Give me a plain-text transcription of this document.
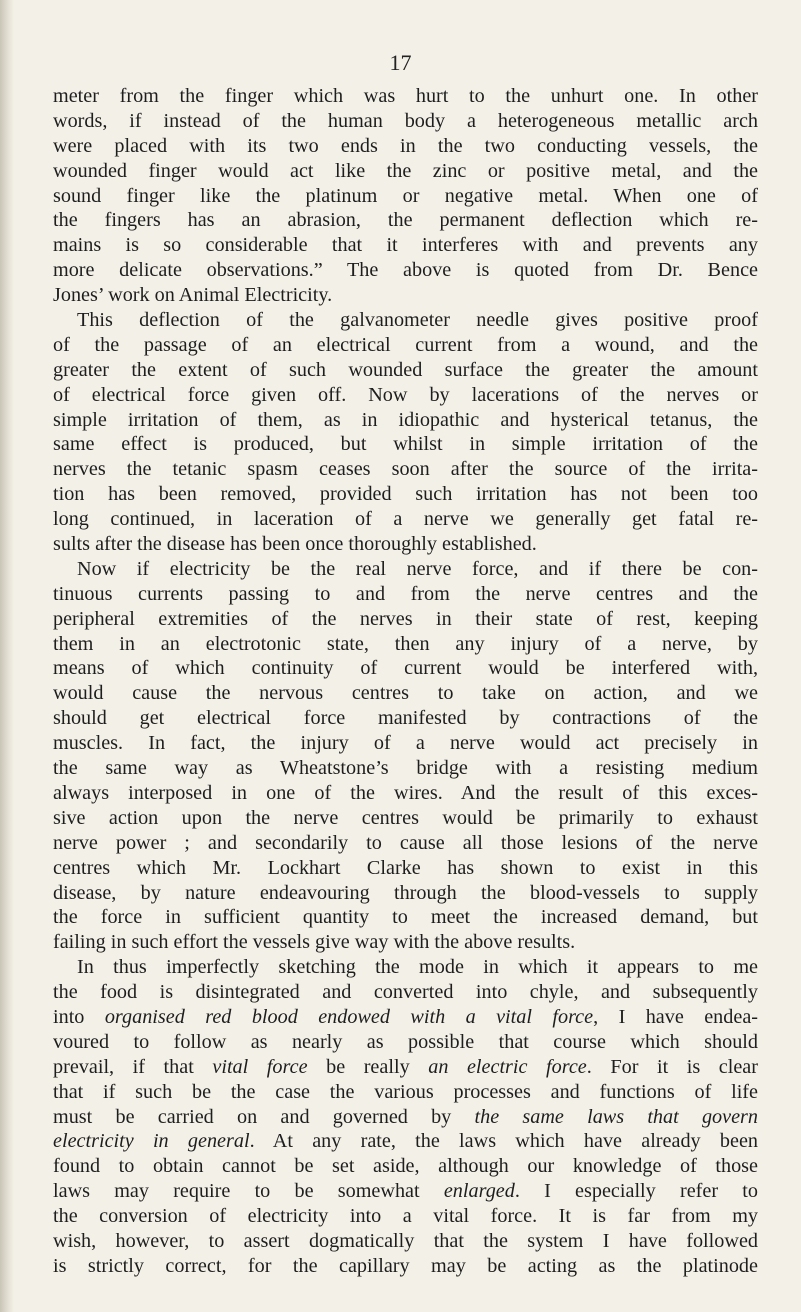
17
meter from the finger which was hurt to the unhurt one. In other
words, if instead of the human body a heterogeneous metallic arch
were placed with its two ends in the two conducting vessels, the
wounded finger would act like the zinc or positive metal, and the
sound finger like the platinum or negative metal. When one of
the fingers has an abrasion, the permanent deflection which re-
mains is so considerable that it interferes with and prevents any
more delicate observations.” The above is quoted from Dr. Bence
Jones’ work on Animal Electricity.
This deflection of the galvanometer needle gives positive proof
of the passage of an electrical current from a wound, and the
greater the extent of such wounded surface the greater the amount
of electrical force given off. Now by lacerations of the nerves or
simple irritation of them, as in idiopathic and hysterical tetanus, the
same effect is produced, but whilst in simple irritation of the
nerves the tetanic spasm ceases soon after the source of the irrita-
tion has been removed, provided such irritation has not been too
long continued, in laceration of a nerve we generally get fatal re-
sults after the disease has been once thoroughly established.
Now if electricity be the real nerve force, and if there be con-
tinuous currents passing to and from the nerve centres and the
peripheral extremities of the nerves in their state of rest, keeping
them in an electrotonic state, then any injury of a nerve, by
means of which continuity of current would be interfered with,
would cause the nervous centres to take on action, and we
should get electrical force manifested by contractions of the
muscles. In fact, the injury of a nerve would act precisely in
the same way as Wheatstone’s bridge with a resisting medium
always interposed in one of the wires. And the result of this exces-
sive action upon the nerve centres would be primarily to exhaust
nerve power ; and secondarily to cause all those lesions of the nerve
centres which Mr. Lockhart Clarke has shown to exist in this
disease, by nature endeavouring through the blood-vessels to supply
the force in sufficient quantity to meet the increased demand, but
failing in such effort the vessels give way with the above results.
In thus imperfectly sketching the mode in which it appears to me
the food is disintegrated and converted into chyle, and subsequently
into organised red blood endowed with a vital force, I have endea-
voured to follow as nearly as possible that course which should
prevail, if that vital force be really an electric force. For it is clear
that if such be the case the various processes and functions of life
must be carried on and governed by the same laws that govern
electricity in general. At any rate, the laws which have already been
found to obtain cannot be set aside, although our knowledge of those
laws may require to be somewhat enlarged. I especially refer to
the conversion of electricity into a vital force. It is far from my
wish, however, to assert dogmatically that the system I have followed
is strictly correct, for the capillary may be acting as the platinode
